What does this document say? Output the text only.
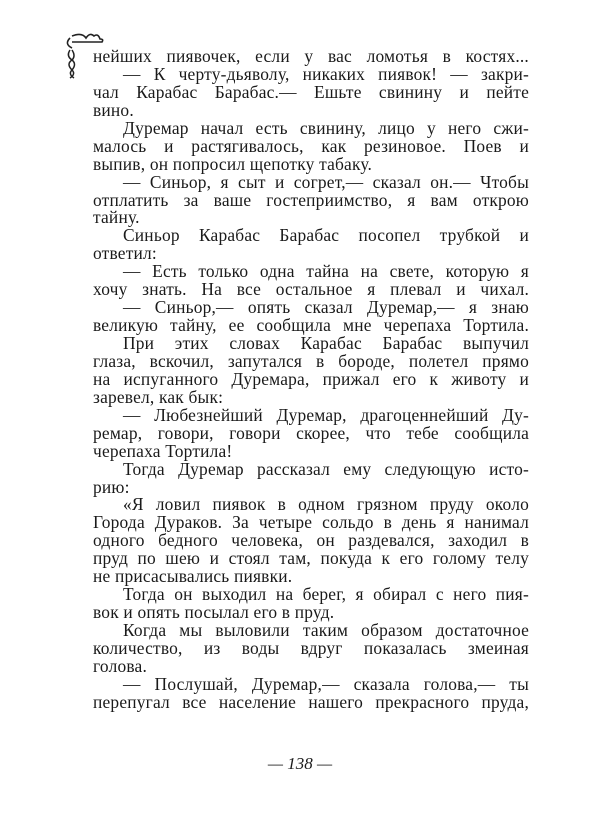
нейших пиявочек, если у вас ломотья в костях...
— К черту-дьяволу, никаких пиявок! — закри-
чал Карабас Барабас.— Ешьте свинину и пейте
вино.
Дуремар начал есть свинину, лицо у него сжи-
малось и растягивалось, как резиновое. Поев и
выпив, он попросил щепотку табаку.
— Синьор, я сыт и согрет,— сказал он.— Чтобы
отплатить за ваше гостеприимство, я вам открою
тайну.
Синьор Карабас Барабас посопел трубкой и
ответил:
— Есть только одна тайна на свете, которую я
хочу знать. На все остальное я плевал и чихал.
— Синьор,— опять сказал Дуремар,— я знаю
великую тайну, ее сообщила мне черепаха Тортила.
При этих словах Карабас Барабас выпучил
глаза, вскочил, запутался в бороде, полетел прямо
на испуганного Дуремара, прижал его к животу и
заревел, как бык:
— Любезнейший Дуремар, драгоценнейший Ду-
ремар, говори, говори скорее, что тебе сообщила
черепаха Тортила!
Тогда Дуремар рассказал ему следующую исто-
рию:
«Я ловил пиявок в одном грязном пруду около
Города Дураков. За четыре сольдо в день я нанимал
одного бедного человека, он раздевался, заходил в
пруд по шею и стоял там, покуда к его голому телу
не присасывались пиявки.
Тогда он выходил на берег, я обирал с него пия-
вок и опять посылал его в пруд.
Когда мы выловили таким образом достаточное
количество, из воды вдруг показалась змеиная
голова.
— Послушай, Дуремар,— сказала голова,— ты
перепугал все население нашего прекрасного пруда,
— 138 —
